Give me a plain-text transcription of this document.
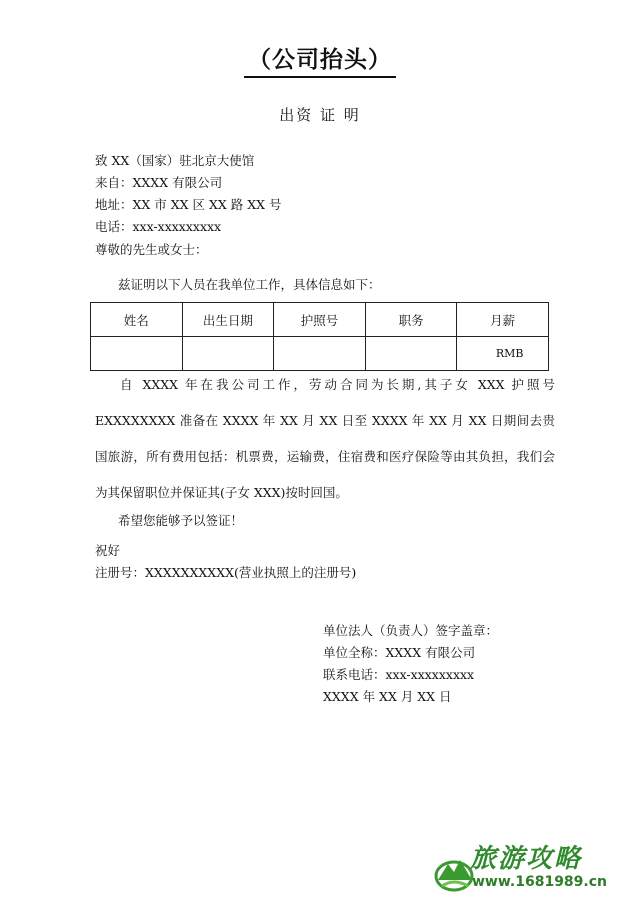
（公司抬头）
出资 证 明
致 XX（国家）驻北京大使馆
来自：XXXX 有限公司
地址：XX 市 XX 区 XX 路 XX 号
电话：xxx-xxxxxxxxx
尊敬的先生或女士：
兹证明以下人员在我单位工作，具体信息如下：
姓名	出生日期	护照号	职务	月薪
				RMB
自 XXXX 年在我公司工作，劳动合同为长期,其子女 XXX 护照号 EXXXXXXXX 准备在 XXXX 年 XX 月 XX 日至 XXXX 年 XX 月 XX 日期间去贵国旅游，所有费用包括：机票费，运输费，住宿费和医疗保险等由其负担，我们会为其保留职位并保证其(子女 XXX)按时回国。
希望您能够予以签证！
祝好
注册号：XXXXXXXXXX(营业执照上的注册号)
单位法人（负责人）签字盖章：
单位全称：XXXX 有限公司
联系电话：xxx-xxxxxxxxx
XXXX 年 XX 月 XX 日
旅游攻略
www.1681989.cn
